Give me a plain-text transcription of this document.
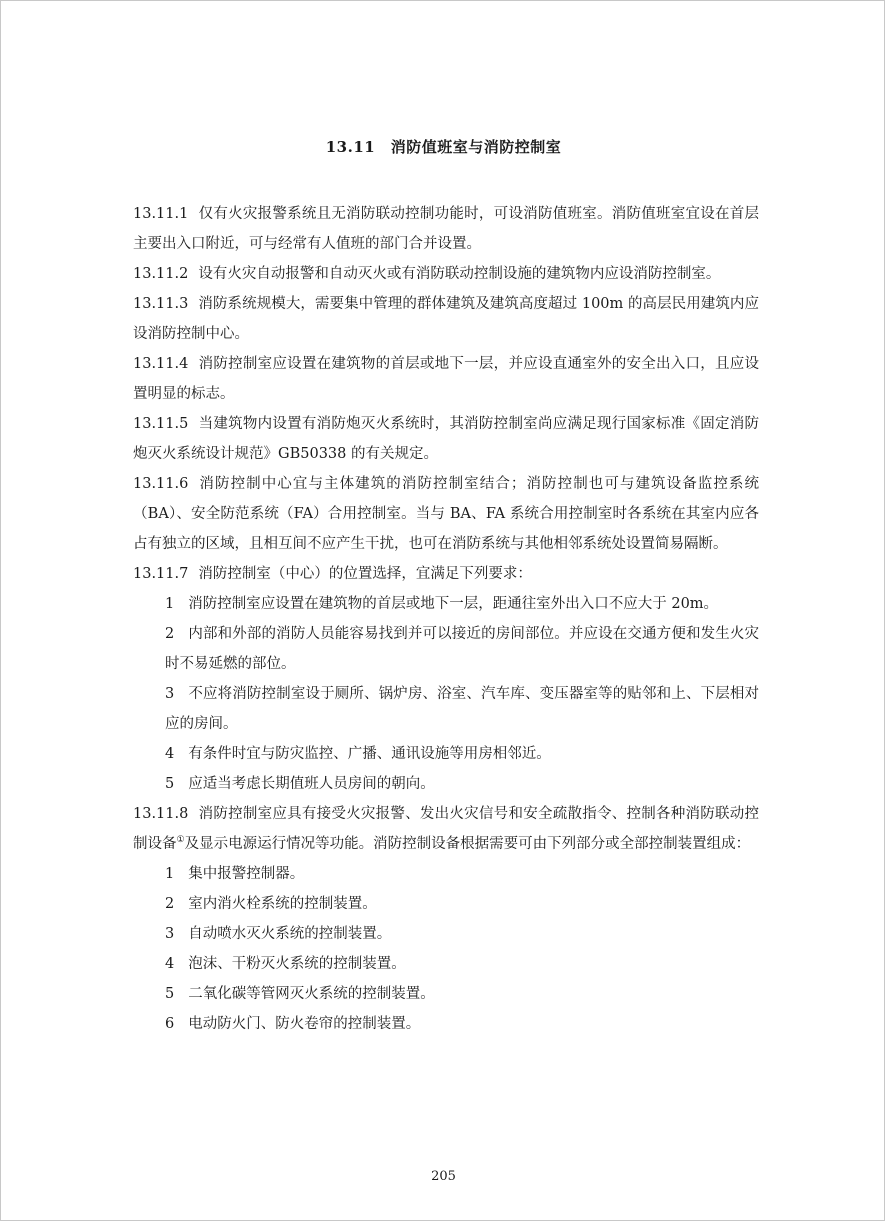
13.11　消防值班室与消防控制室

13.11.1 仅有火灾报警系统且无消防联动控制功能时，可设消防值班室。消防值班室宜设在首层主要出入口附近，可与经常有人值班的部门合并设置。

13.11.2 设有火灾自动报警和自动灭火或有消防联动控制设施的建筑物内应设消防控制室。

13.11.3 消防系统规模大，需要集中管理的群体建筑及建筑高度超过 100m 的高层民用建筑内应设消防控制中心。

13.11.4 消防控制室应设置在建筑物的首层或地下一层，并应设直通室外的安全出入口，且应设置明显的标志。

13.11.5 当建筑物内设置有消防炮灭火系统时，其消防控制室尚应满足现行国家标准《固定消防炮灭火系统设计规范》GB50338 的有关规定。

13.11.6 消防控制中心宜与主体建筑的消防控制室结合；消防控制也可与建筑设备监控系统（BA）、安全防范系统（FA）合用控制室。当与 BA、FA 系统合用控制室时各系统在其室内应各占有独立的区域，且相互间不应产生干扰，也可在消防系统与其他相邻系统处设置简易隔断。

13.11.7 消防控制室（中心）的位置选择，宜满足下列要求：

1 消防控制室应设置在建筑物的首层或地下一层，距通往室外出入口不应大于 20m。

2 内部和外部的消防人员能容易找到并可以接近的房间部位。并应设在交通方便和发生火灾时不易延燃的部位。

3 不应将消防控制室设于厕所、锅炉房、浴室、汽车库、变压器室等的贴邻和上、下层相对应的房间。

4 有条件时宜与防灾监控、广播、通讯设施等用房相邻近。

5 应适当考虑长期值班人员房间的朝向。

13.11.8 消防控制室应具有接受火灾报警、发出火灾信号和安全疏散指令、控制各种消防联动控制设备①及显示电源运行情况等功能。消防控制设备根据需要可由下列部分或全部控制装置组成：

1 集中报警控制器。

2 室内消火栓系统的控制装置。

3 自动喷水灭火系统的控制装置。

4 泡沫、干粉灭火系统的控制装置。

5 二氧化碳等管网灭火系统的控制装置。

6 电动防火门、防火卷帘的控制装置。

205
